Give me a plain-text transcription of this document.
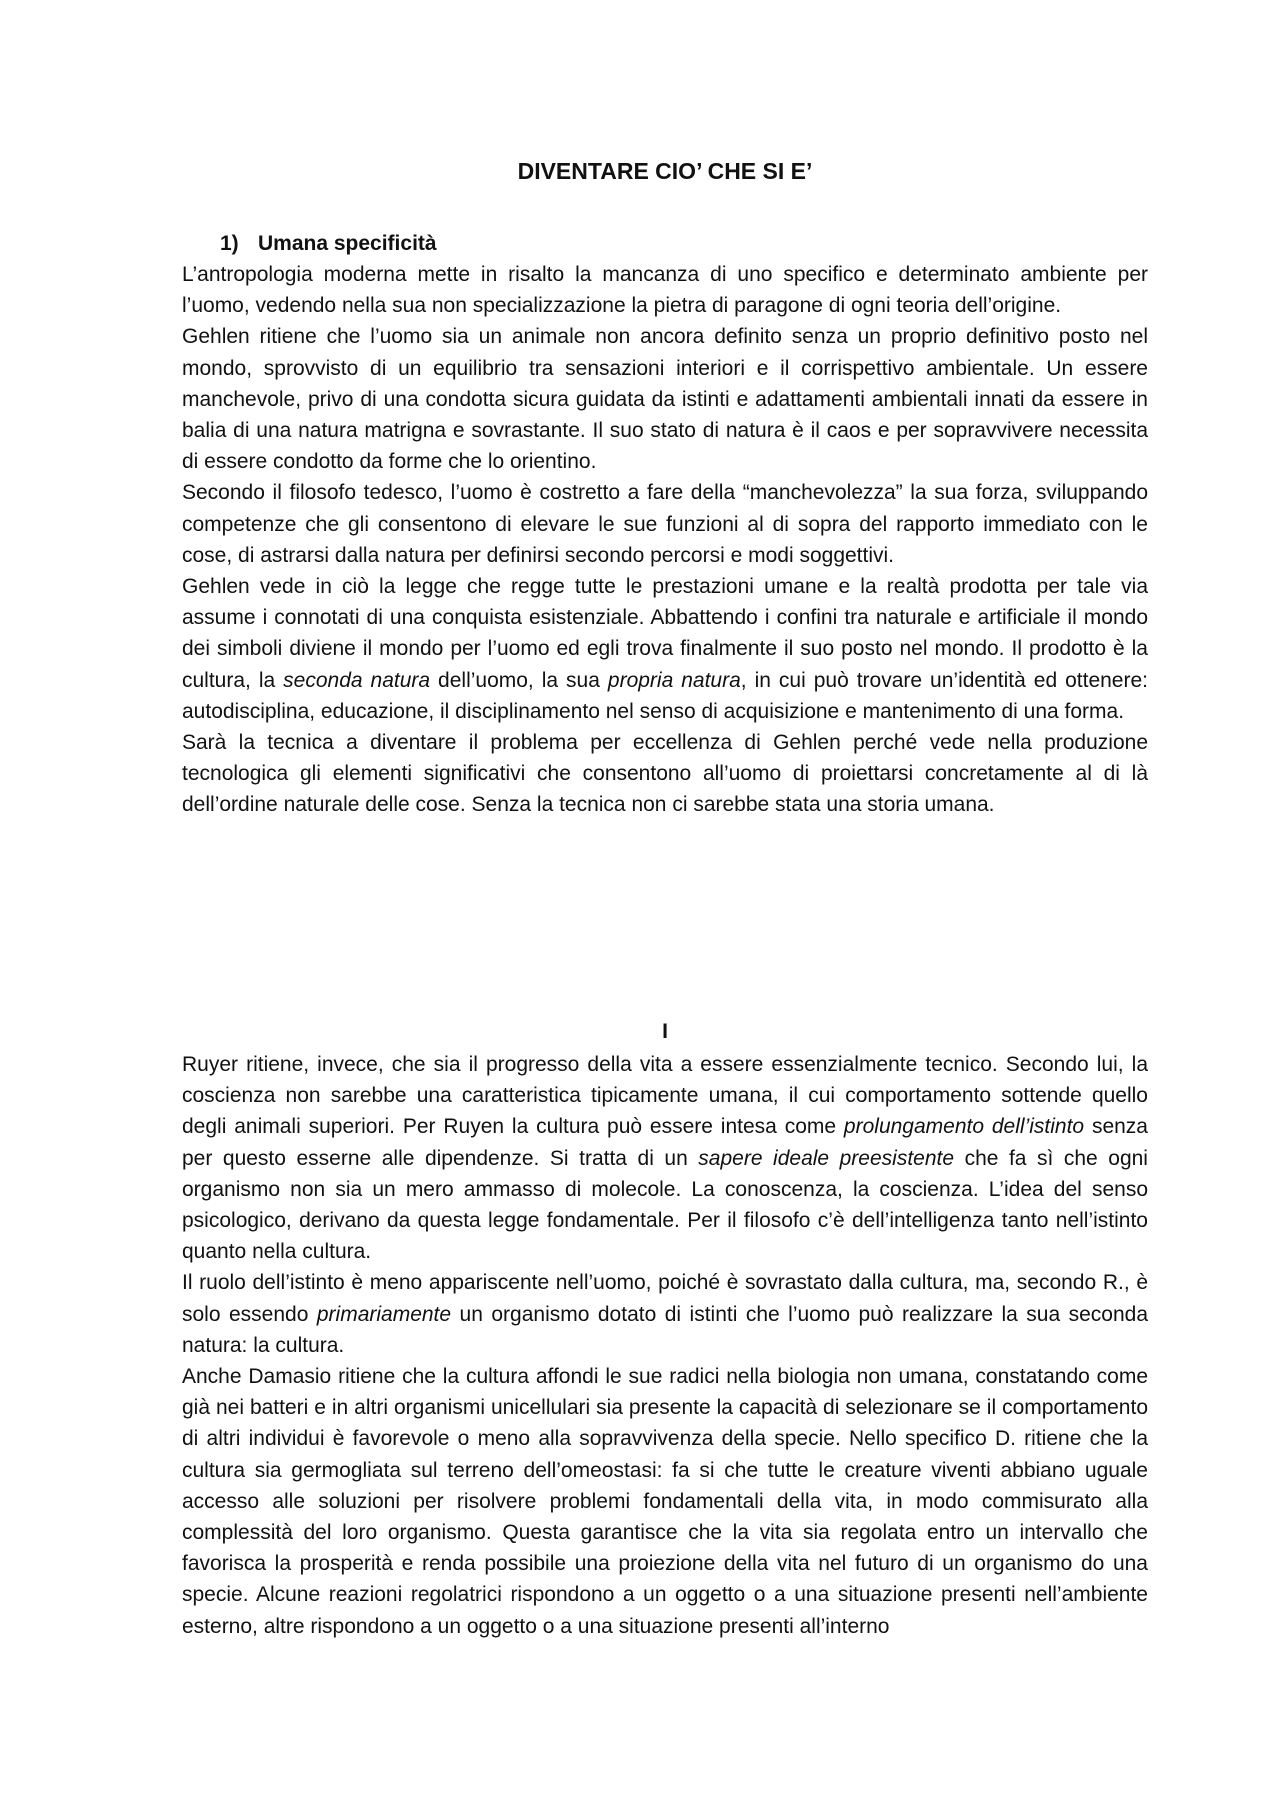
DIVENTARE CIO’ CHE SI E’
1) Umana specificità

L’antropologia moderna mette in risalto la mancanza di uno specifico e determinato ambiente per l’uomo, vedendo nella sua non specializzazione la pietra di paragone di ogni teoria dell’origine.

Gehlen ritiene che l’uomo sia un animale non ancora definito senza un proprio definitivo posto nel mondo, sprovvisto di un equilibrio tra sensazioni interiori e il corrispettivo ambientale. Un essere manchevole, privo di una condotta sicura guidata da istinti e adattamenti ambientali innati da essere in balia di una natura matrigna e sovrastante. Il suo stato di natura è il caos e per sopravvivere necessita di essere condotto da forme che lo orientino.

Secondo il filosofo tedesco, l’uomo è costretto a fare della “manchevolezza” la sua forza, sviluppando competenze che gli consentono di elevare le sue funzioni al di sopra del rapporto immediato con le cose, di astrarsi dalla natura per definirsi secondo percorsi e modi soggettivi.

Gehlen vede in ciò la legge che regge tutte le prestazioni umane e la realtà prodotta per tale via assume i connotati di una conquista esistenziale. Abbattendo i confini tra naturale e artificiale il mondo dei simboli diviene il mondo per l’uomo ed egli trova finalmente il suo posto nel mondo. Il prodotto è la cultura, la seconda natura dell’uomo, la sua propria natura, in cui può trovare un’identità ed ottenere: autodisciplina, educazione, il disciplinamento nel senso di acquisizione e mantenimento di una forma.

Sarà la tecnica a diventare il problema per eccellenza di Gehlen perché vede nella produzione tecnologica gli elementi significativi che consentono all’uomo di proiettarsi concretamente al di là dell’ordine naturale delle cose. Senza la tecnica non ci sarebbe stata una storia umana.

I

Ruyer ritiene, invece, che sia il progresso della vita a essere essenzialmente tecnico. Secondo lui, la coscienza non sarebbe una caratteristica tipicamente umana, il cui comportamento sottende quello degli animali superiori. Per Ruyen la cultura può essere intesa come prolungamento dell’istinto senza per questo esserne alle dipendenze. Si tratta di un sapere ideale preesistente che fa sì che ogni organismo non sia un mero ammasso di molecole. La conoscenza, la coscienza. L’idea del senso psicologico, derivano da questa legge fondamentale. Per il filosofo c’è dell’intelligenza tanto nell’istinto quanto nella cultura.

Il ruolo dell’istinto è meno appariscente nell’uomo, poiché è sovrastato dalla cultura, ma, secondo R., è solo essendo primariamente un organismo dotato di istinti che l’uomo può realizzare la sua seconda natura: la cultura.

Anche Damasio ritiene che la cultura affondi le sue radici nella biologia non umana, constatando come già nei batteri e in altri organismi unicellulari sia presente la capacità di selezionare se il comportamento di altri individui è favorevole o meno alla sopravvivenza della specie. Nello specifico D. ritiene che la cultura sia germogliata sul terreno dell’omeostasi: fa si che tutte le creature viventi abbiano uguale accesso alle soluzioni per risolvere problemi fondamentali della vita, in modo commisurato alla complessità del loro organismo. Questa garantisce che la vita sia regolata entro un intervallo che favorisca la prosperità e renda possibile una proiezione della vita nel futuro di un organismo do una specie. Alcune reazioni regolatrici rispondono a un oggetto o a una situazione presenti nell’ambiente esterno, altre rispondono a un oggetto o a una situazione presenti all’interno
